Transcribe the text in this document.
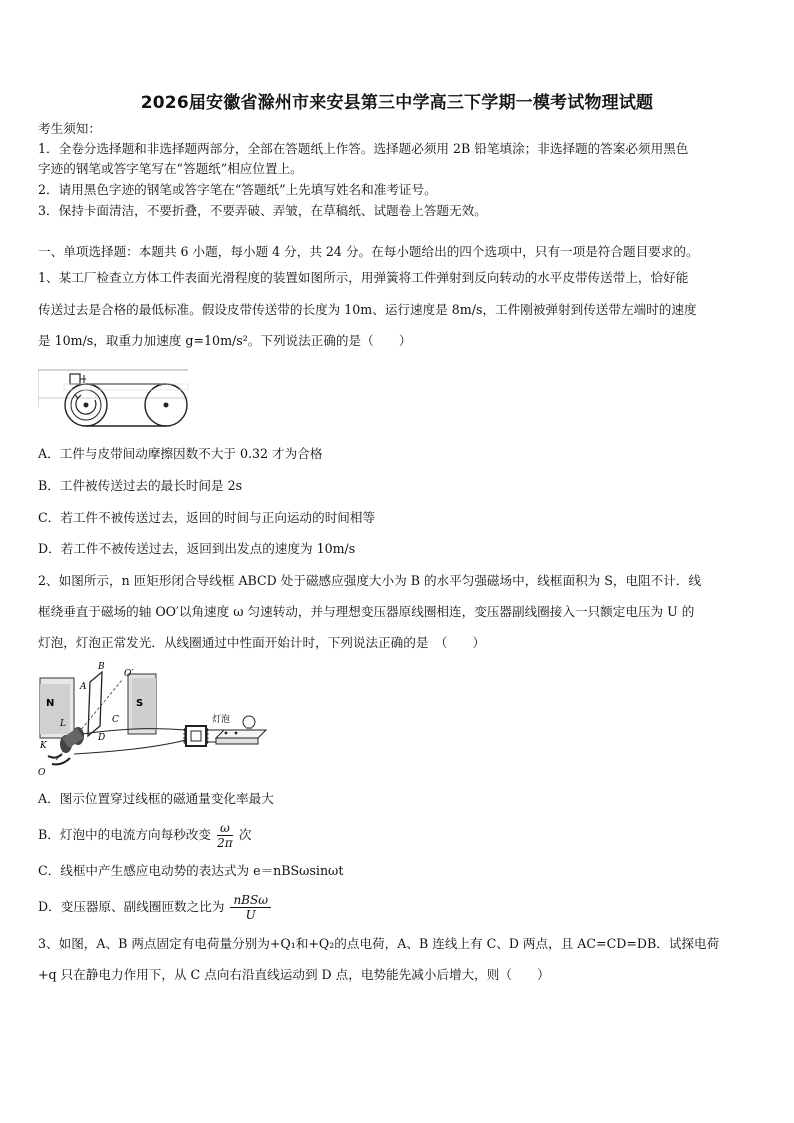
2026届安徽省滁州市来安县第三中学高三下学期一模考试物理试题
考生须知：
1．全卷分选择题和非选择题两部分，全部在答题纸上作答。选择题必须用 2B 铅笔填涂；非选择题的答案必须用黑色
字迹的钢笔或答字笔写在“答题纸”相应位置上。
2．请用黑色字迹的钢笔或答字笔在“答题纸”上先填写姓名和准考证号。
3．保持卡面清洁，不要折叠，不要弄破、弄皱，在草稿纸、试题卷上答题无效。
一、单项选择题：本题共 6 小题，每小题 4 分，共 24 分。在每小题给出的四个选项中，只有一项是符合题目要求的。
1、某工厂检查立方体工件表面光滑程度的装置如图所示，用弹簧将工件弹射到反向转动的水平皮带传送带上，恰好能
传送过去是合格的最低标准。假设皮带传送带的长度为 10m、运行速度是 8m/s，工件刚被弹射到传送带左端时的速度
是 10m/s，取重力加速度 g=10m/s²。下列说法正确的是（　　）
A．工件与皮带间动摩擦因数不大于 0.32 才为合格
B．工件被传送过去的最长时间是 2s
C．若工件不被传送过去，返回的时间与正向运动的时间相等
D．若工件不被传送过去，返回到出发点的速度为 10m/s
2、如图所示，n 匝矩形闭合导线框 ABCD 处于磁感应强度大小为 B 的水平匀强磁场中，线框面积为 S，电阻不计．线
框绕垂直于磁场的轴 OO′以角速度 ω 匀速转动，并与理想变压器原线圈相连，变压器副线圈接入一只额定电压为 U 的
灯泡，灯泡正常发光．从线圈通过中性面开始计时，下列说法正确的是　（　　）
N	S
B
A
O′
L	C
K
D
O
灯泡
A．图示位置穿过线框的磁通量变化率最大
B．灯泡中的电流方向每秒改变 $\frac{\omega}{2\pi}$ 次
C．线框中产生感应电动势的表达式为 e＝nBSωsinωt
D．变压器原、副线圈匝数之比为 $\frac{\text{nBSω}}{U}$
3、如图，A、B 两点固定有电荷量分别为+Q₁和+Q₂的点电荷，A、B 连线上有 C、D 两点，且 AC=CD=DB．试探电荷
+q 只在静电力作用下，从 C 点向右沿直线运动到 D 点，电势能先减小后增大，则（　　）
